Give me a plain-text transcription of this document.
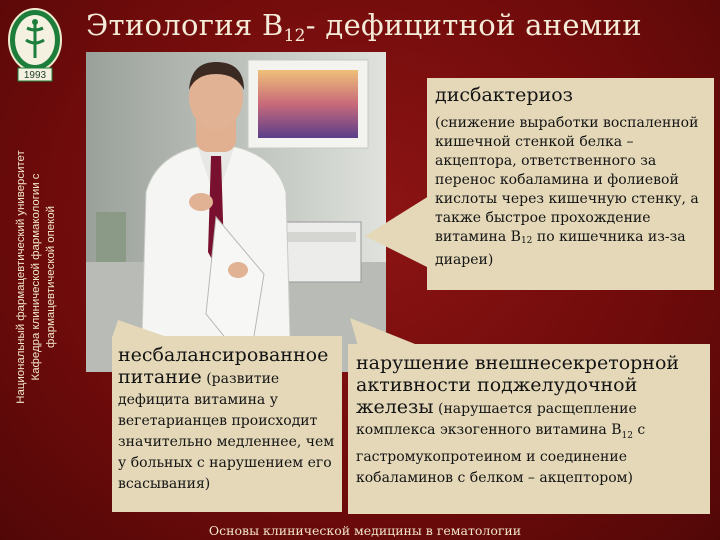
1993
Национальный фармацевтический университет Кафедра клинической фармакологии с фармацевтической опекой
Этиология $В_{12}-$ дефицитной анемии
дисбактериоз
(снижение выработки воспаленной кишечной стенкой белка – акцептора, ответственного за перенос кобаламина и фолиевой кислоты через кишечную стенку, а также быстрое прохождение витамина $В_{12}$ по кишечника из-за диареи)
несбалансированное питание (развитие дефицита витамина у вегетарианцев происходит значительно медленнее, чем у больных с нарушением его всасывания)
нарушение внешнесекреторной активности поджелудочной железы (нарушается расщепление комплекса экзогенного витамина $В_{12}$ с гастромукопротеином и соединение кобаламинов с белком – акцептором)
Основы клинической медицины в гематологии
